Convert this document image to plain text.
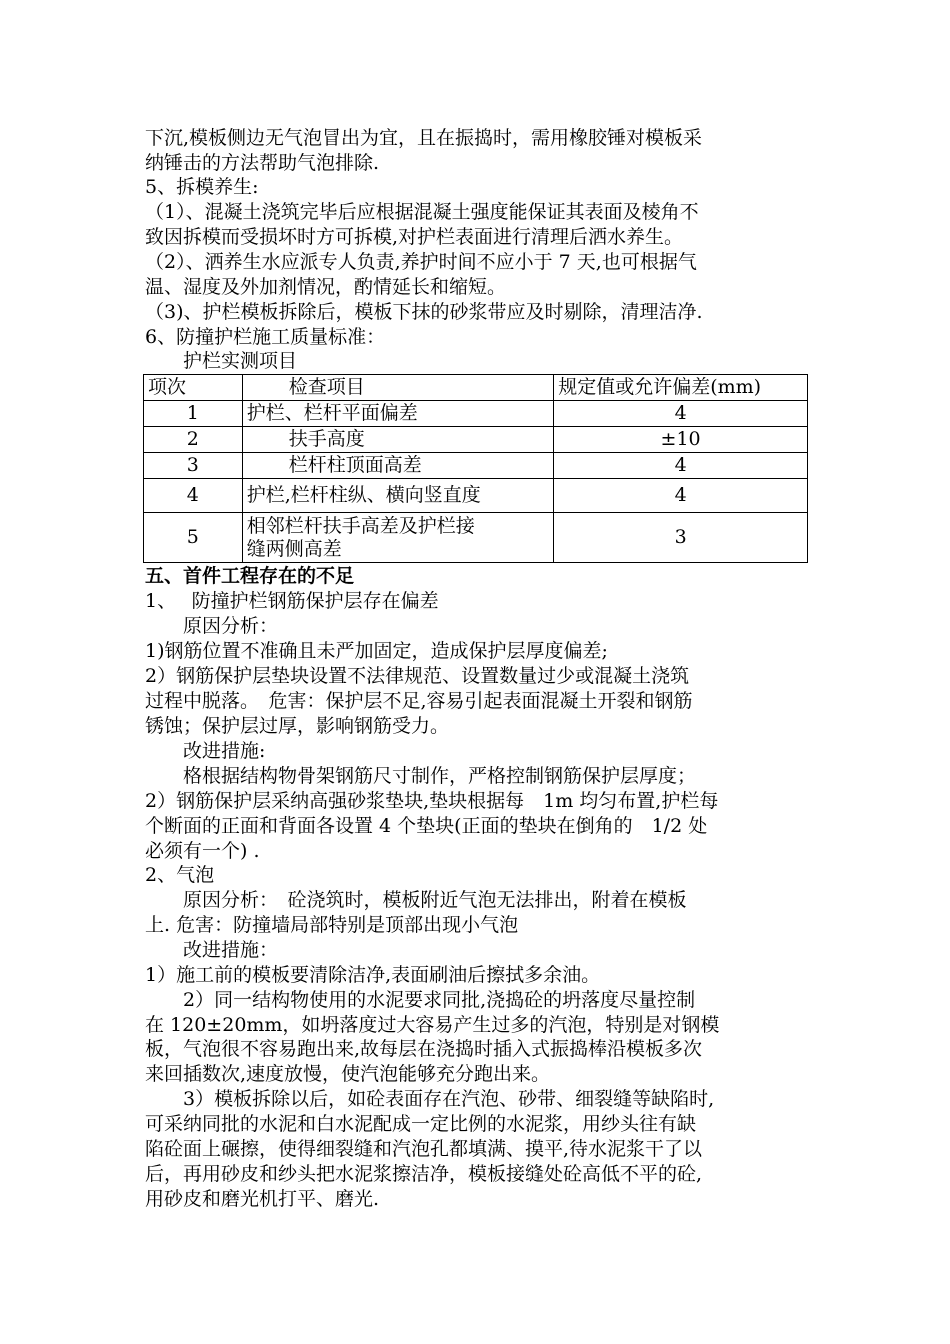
下沉,模板侧边无气泡冒出为宜，且在振捣时，需用橡胶锤对模板采
纳锤击的方法帮助气泡排除.
5、拆模养生:
（1）、混凝土浇筑完毕后应根据混凝土强度能保证其表面及棱角不
致因拆模而受损坏时方可拆模,对护栏表面进行清理后洒水养生。
（2）、洒养生水应派专人负责,养护时间不应小于 7 天,也可根据气
温、湿度及外加剂情况，酌情延长和缩短。
（3)、护栏模板拆除后，模板下抹的砂浆带应及时剔除，清理洁净.
6、防撞护栏施工质量标准：
　　护栏实测项目
项次	检查项目	规定值或允许偏差(mm)
1	护栏、栏杆平面偏差	4
2	扶手高度	±10
3	栏杆柱顶面高差	4
4	护栏,栏杆柱纵、横向竖直度	4
5	相邻栏杆扶手高差及护栏接
缝两侧高差	3
五、首件工程存在的不足
1、　 防撞护栏钢筋保护层存在偏差
　　原因分析：
1)钢筋位置不准确且未严加固定，造成保护层厚度偏差;
2）钢筋保护层垫块设置不法律规范、设置数量过少或混凝土浇筑
过程中脱落。　危害：保护层不足,容易引起表面混凝土开裂和钢筋
锈蚀；保护层过厚，影响钢筋受力。
　　改进措施:
　　格根据结构物骨架钢筋尺寸制作，严格控制钢筋保护层厚度；
2）钢筋保护层采纳高强砂浆垫块,垫块根据每　1m 均匀布置,护栏每
个断面的正面和背面各设置 4 个垫块(正面的垫块在倒角的　1/2 处
必须有一个) .
2、气泡
　　原因分析：　砼浇筑时，模板附近气泡无法排出，附着在模板
上. 危害：防撞墙局部特别是顶部出现小气泡
　　改进措施：
1）施工前的模板要清除洁净,表面刷油后擦拭多余油。
　　2）同一结构物使用的水泥要求同批,浇捣砼的坍落度尽量控制
在 120±20mm，如坍落度过大容易产生过多的汽泡，特别是对钢模
板，气泡很不容易跑出来,故每层在浇捣时插入式振捣棒沿模板多次
来回插数次,速度放慢，使汽泡能够充分跑出来。
　　3）模板拆除以后，如砼表面存在汽泡、砂带、细裂缝等缺陷时,
可采纳同批的水泥和白水泥配成一定比例的水泥浆，用纱头往有缺
陷砼面上碾擦，使得细裂缝和汽泡孔都填满、摸平,待水泥浆干了以
后，再用砂皮和纱头把水泥浆擦洁净，模板接缝处砼高低不平的砼,
用砂皮和磨光机打平、磨光.
